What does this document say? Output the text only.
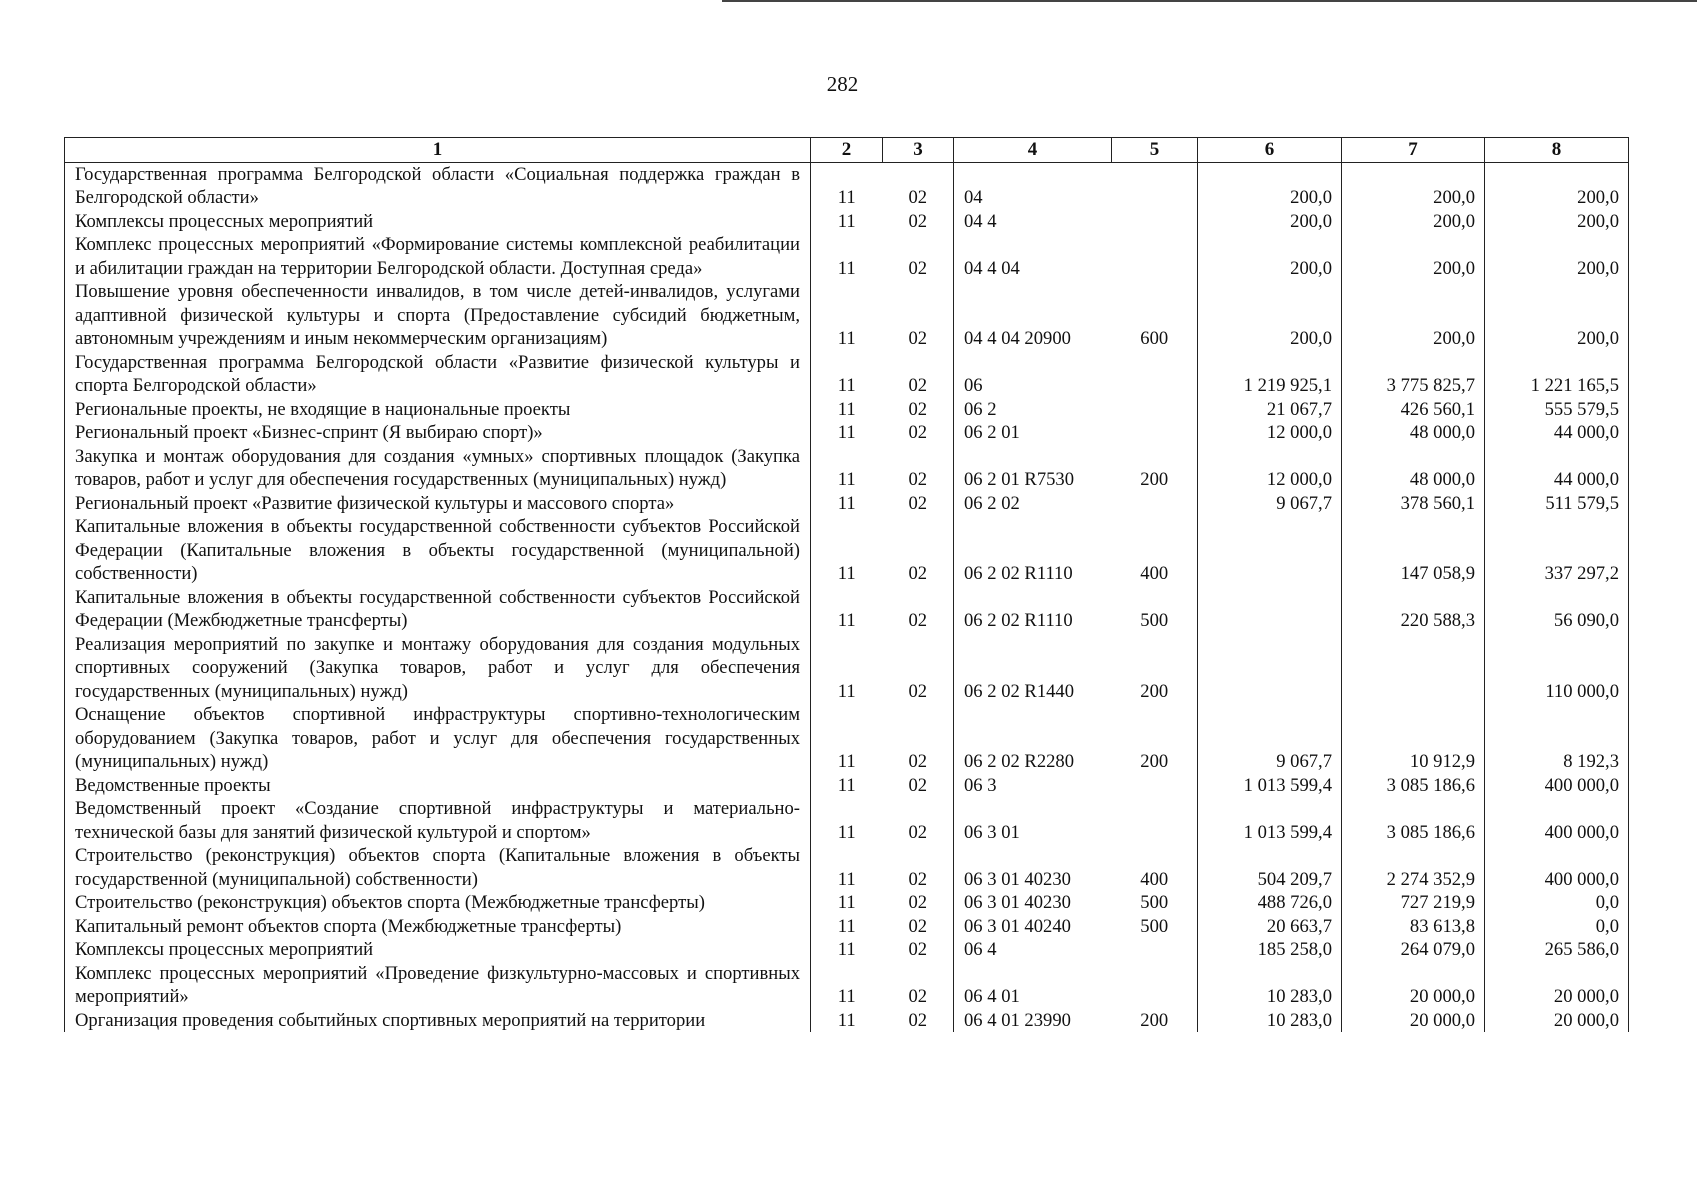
282
1	2	3	4	5	6	7	8
Государственная программа Белгородской области «Социальная поддержка граждан в Белгородской области»	11	02	04		200,0	200,0	200,0
Комплексы процессных мероприятий	11	02	04 4		200,0	200,0	200,0
Комплекс процессных мероприятий «Формирование системы комплексной реабилитации и абилитации граждан на территории Белгородской области. Доступная среда»	11	02	04 4 04		200,0	200,0	200,0
Повышение уровня обеспеченности инвалидов, в том числе детей-инвалидов, услугами адаптивной физической культуры и спорта (Предоставление субсидий бюджетным, автономным учреждениям и иным некоммерческим организациям)	11	02	04 4 04 20900	600	200,0	200,0	200,0
Государственная программа Белгородской области «Развитие физической культуры и спорта Белгородской области»	11	02	06		1 219 925,1	3 775 825,7	1 221 165,5
Региональные проекты, не входящие в национальные проекты	11	02	06 2		21 067,7	426 560,1	555 579,5
Региональный проект «Бизнес-спринт (Я выбираю спорт)»	11	02	06 2 01		12 000,0	48 000,0	44 000,0
Закупка и монтаж оборудования для создания «умных» спортивных площадок (Закупка товаров, работ и услуг для обеспечения государственных (муниципальных) нужд)	11	02	06 2 01 R7530	200	12 000,0	48 000,0	44 000,0
Региональный проект «Развитие физической культуры и массового спорта»	11	02	06 2 02		9 067,7	378 560,1	511 579,5
Капитальные вложения в объекты государственной собственности субъектов Российской Федерации (Капитальные вложения в объекты государственной (муниципальной) собственности)	11	02	06 2 02 R1110	400		147 058,9	337 297,2
Капитальные вложения в объекты государственной собственности субъектов Российской Федерации (Межбюджетные трансферты)	11	02	06 2 02 R1110	500		220 588,3	56 090,0
Реализация мероприятий по закупке и монтажу оборудования для создания модульных спортивных сооружений (Закупка товаров, работ и услуг для обеспечения государственных (муниципальных) нужд)	11	02	06 2 02 R1440	200			110 000,0
Оснащение объектов спортивной инфраструктуры спортивно-технологическим оборудованием (Закупка товаров, работ и услуг для обеспечения государственных (муниципальных) нужд)	11	02	06 2 02 R2280	200	9 067,7	10 912,9	8 192,3
Ведомственные проекты	11	02	06 3		1 013 599,4	3 085 186,6	400 000,0
Ведомственный проект «Создание спортивной инфраструктуры и материально-технической базы для занятий физической культурой и спортом»	11	02	06 3 01		1 013 599,4	3 085 186,6	400 000,0
Строительство (реконструкция) объектов спорта (Капитальные вложения в объекты государственной (муниципальной) собственности)	11	02	06 3 01 40230	400	504 209,7	2 274 352,9	400 000,0
Строительство (реконструкция) объектов спорта (Межбюджетные трансферты)	11	02	06 3 01 40230	500	488 726,0	727 219,9	0,0
Капитальный ремонт объектов спорта (Межбюджетные трансферты)	11	02	06 3 01 40240	500	20 663,7	83 613,8	0,0
Комплексы процессных мероприятий	11	02	06 4		185 258,0	264 079,0	265 586,0
Комплекс процессных мероприятий «Проведение физкультурно-массовых и спортивных мероприятий»	11	02	06 4 01		10 283,0	20 000,0	20 000,0
Организация проведения событийных спортивных мероприятий на территории	11	02	06 4 01 23990	200	10 283,0	20 000,0	20 000,0
